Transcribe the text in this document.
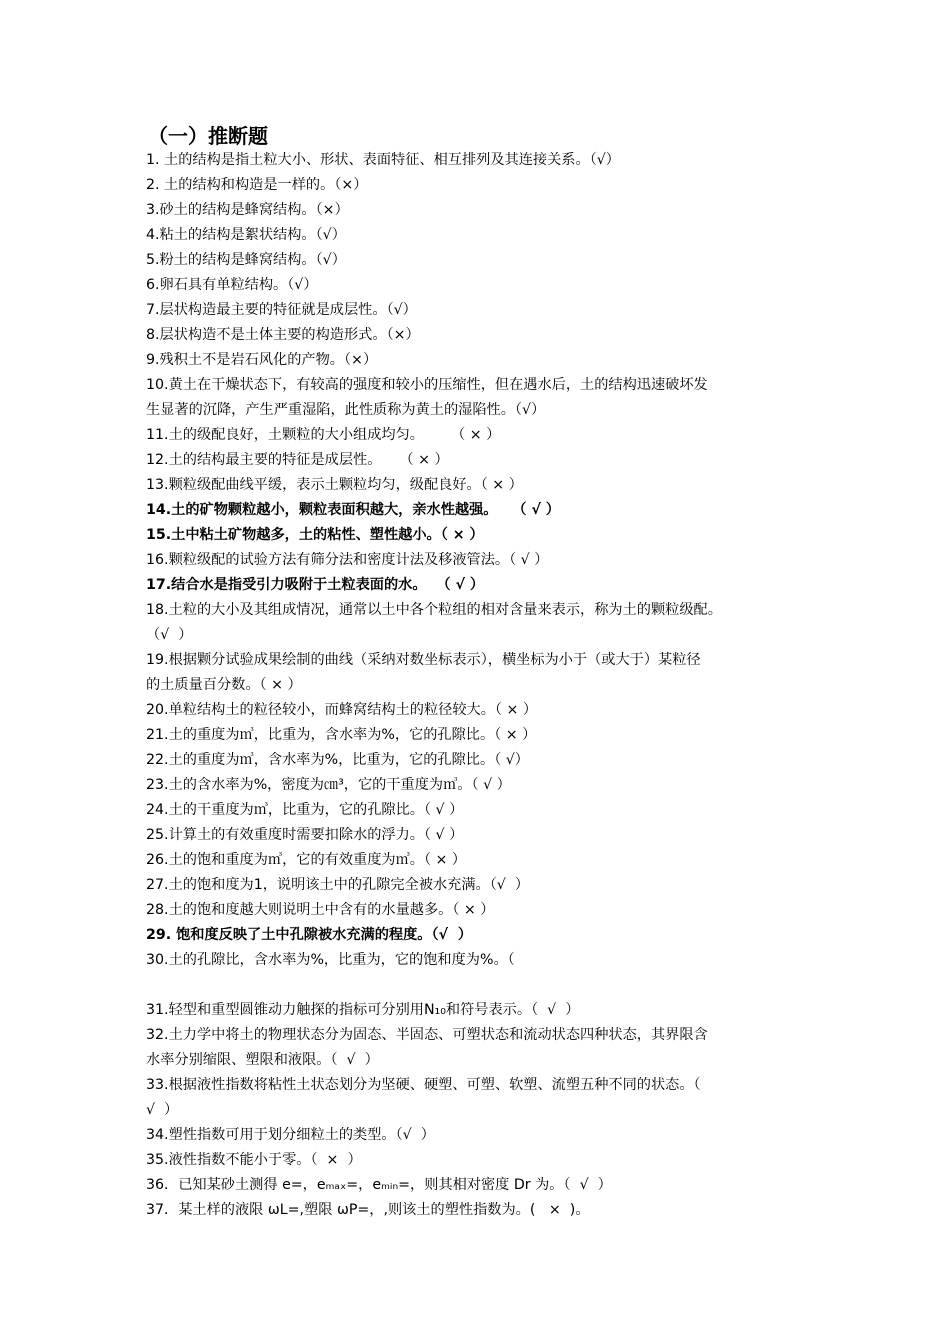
（一）推断题
1. 土的结构是指土粒大小、形状、表面特征、相互排列及其连接关系。（√）
2. 土的结构和构造是一样的。（×）
3.砂土的结构是蜂窝结构。（×）
4.粘土的结构是絮状结构。（√）
5.粉土的结构是蜂窝结构。（√）
6.卵石具有单粒结构。（√）
7.层状构造最主要的特征就是成层性。（√）
8.层状构造不是土体主要的构造形式。（×）
9.残积土不是岩石风化的产物。（×）
10.黄土在干燥状态下，有较高的强度和较小的压缩性，但在遇水后，土的结构迅速破坏发
生显著的沉降，产生严重湿陷，此性质称为黄土的湿陷性。（√）
11.土的级配良好，土颗粒的大小组成均匀。      （ × ）
12.土的结构最主要的特征是成层性。    （ × ）
13.颗粒级配曲线平缓，表示土颗粒均匀，级配良好。（ × ）
14.土的矿物颗粒越小，颗粒表面积越大，亲水性越强。   （ √ ）
15.土中粘土矿物越多，土的粘性、塑性越小。（ × ）
16.颗粒级配的试验方法有筛分法和密度计法及移液管法。（ √ ）
17.结合水是指受引力吸附于土粒表面的水。  （ √ ）
18.土粒的大小及其组成情况，通常以土中各个粒组的相对含量来表示，称为土的颗粒级配。
（√  ）
19.根据颗分试验成果绘制的曲线（采纳对数坐标表示），横坐标为小于（或大于）某粒径
的土质量百分数。（ × ）
20.单粒结构土的粒径较小，而蜂窝结构土的粒径较大。（ × ）
21.土的重度为㎥，比重为，含水率为%，它的孔隙比。（ × ）
22.土的重度为㎥，含水率为%，比重为，它的孔隙比。（ √）
23.土的含水率为%，密度为㎝³，它的干重度为㎥。（ √ ）
24.土的干重度为㎥，比重为，它的孔隙比。（ √ ）
25.计算土的有效重度时需要扣除水的浮力。（ √ ）
26.土的饱和重度为㎥，它的有效重度为㎥。（ × ）
27.土的饱和度为1，说明该土中的孔隙完全被水充满。（√  ）
28.土的饱和度越大则说明土中含有的水量越多。（ × ）
29. 饱和度反映了土中孔隙被水充满的程度。（√  ）
30.土的孔隙比，含水率为%，比重为，它的饱和度为%。（
31.轻型和重型圆锥动力触探的指标可分别用N₁₀和符号表示。（  √  ）
32.土力学中将土的物理状态分为固态、半固态、可塑状态和流动状态四种状态，其界限含
水率分别缩限、塑限和液限。（  √  ）
33.根据液性指数将粘性土状态划分为坚硬、硬塑、可塑、软塑、流塑五种不同的状态。（
√  ）
34.塑性指数可用于划分细粒土的类型。（√  ）
35.液性指数不能小于零。（  ×  ）
36．已知某砂土测得 e=，eₘₐₓ=，eₘᵢₙ=，则其相对密度 Dr 为。（  √  ）
37．某土样的液限 ωL=,塑限 ωP=，,则该土的塑性指数为。(   ×  )。
